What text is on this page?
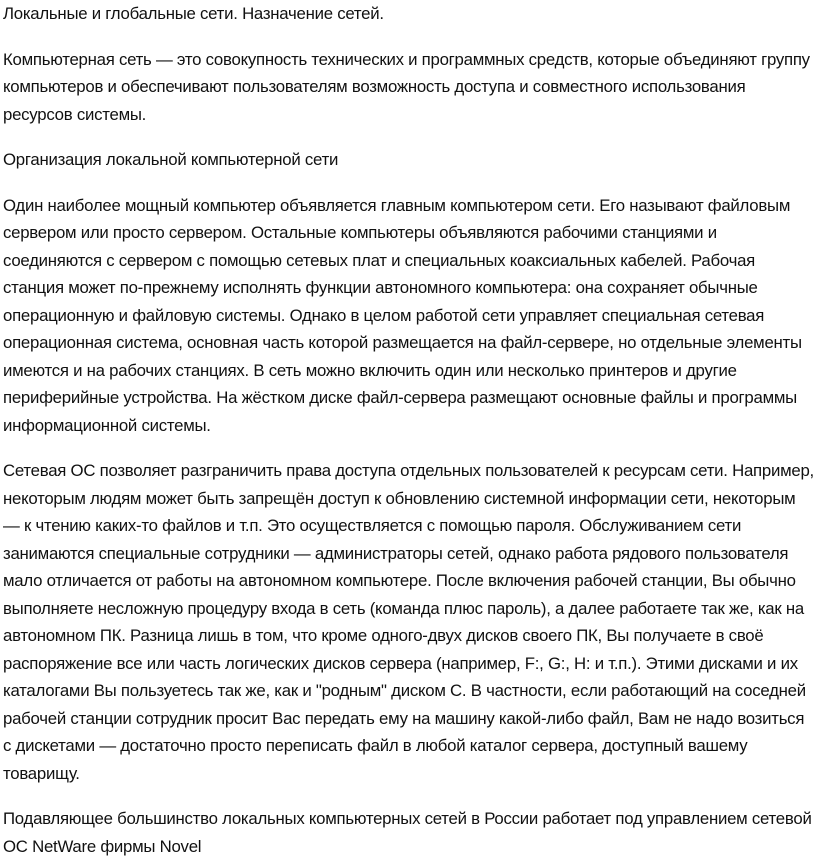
Локальные и глобальные сети. Назначение сетей.

Компьютерная сеть — это совокупность технических и программных средств, которые объединяют группу компьютеров и обеспечивают пользователям возможность доступа и совместного использования ресурсов системы.

Организация локальной компьютерной сети

Один наиболее мощный компьютер объявляется главным компьютером сети. Его называют файловым сервером или просто сервером. Остальные компьютеры объявляются рабочими станциями и соединяются с сервером с помощью сетевых плат и специальных коаксиальных кабелей. Рабочая станция может по-прежнему исполнять функции автономного компьютера: она сохраняет обычные операционную и файловую системы. Однако в целом работой сети управляет специальная сетевая операционная система, основная часть которой размещается на файл-сервере, но отдельные элементы имеются и на рабочих станциях. В сеть можно включить один или несколько принтеров и другие периферийные устройства. На жёстком диске файл-сервера размещают основные файлы и программы информационной системы.

Сетевая ОС позволяет разграничить права доступа отдельных пользователей к ресурсам сети. Например, некоторым людям может быть запрещён доступ к обновлению системной информации сети, некоторым — к чтению каких-то файлов и т.п. Это осуществляется с помощью пароля. Обслуживанием сети занимаются специальные сотрудники — администраторы сетей, однако работа рядового пользователя мало отличается от работы на автономном компьютере. После включения рабочей станции, Вы обычно выполняете несложную процедуру входа в сеть (команда плюс пароль), а далее работаете так же, как на автономном ПК. Разница лишь в том, что кроме одного-двух дисков своего ПК, Вы получаете в своё распоряжение все или часть логических дисков сервера (например, F:, G:, H: и т.п.). Этими дисками и их каталогами Вы пользуетесь так же, как и "родным" диском С. В частности, если работающий на соседней рабочей станции сотрудник просит Вас передать ему на машину какой-либо файл, Вам не надо возиться с дискетами — достаточно просто переписать файл в любой каталог сервера, доступный вашему товарищу.

Подавляющее большинство локальных компьютерных сетей в России работает под управлением сетевой ОС NetWare фирмы Novel
